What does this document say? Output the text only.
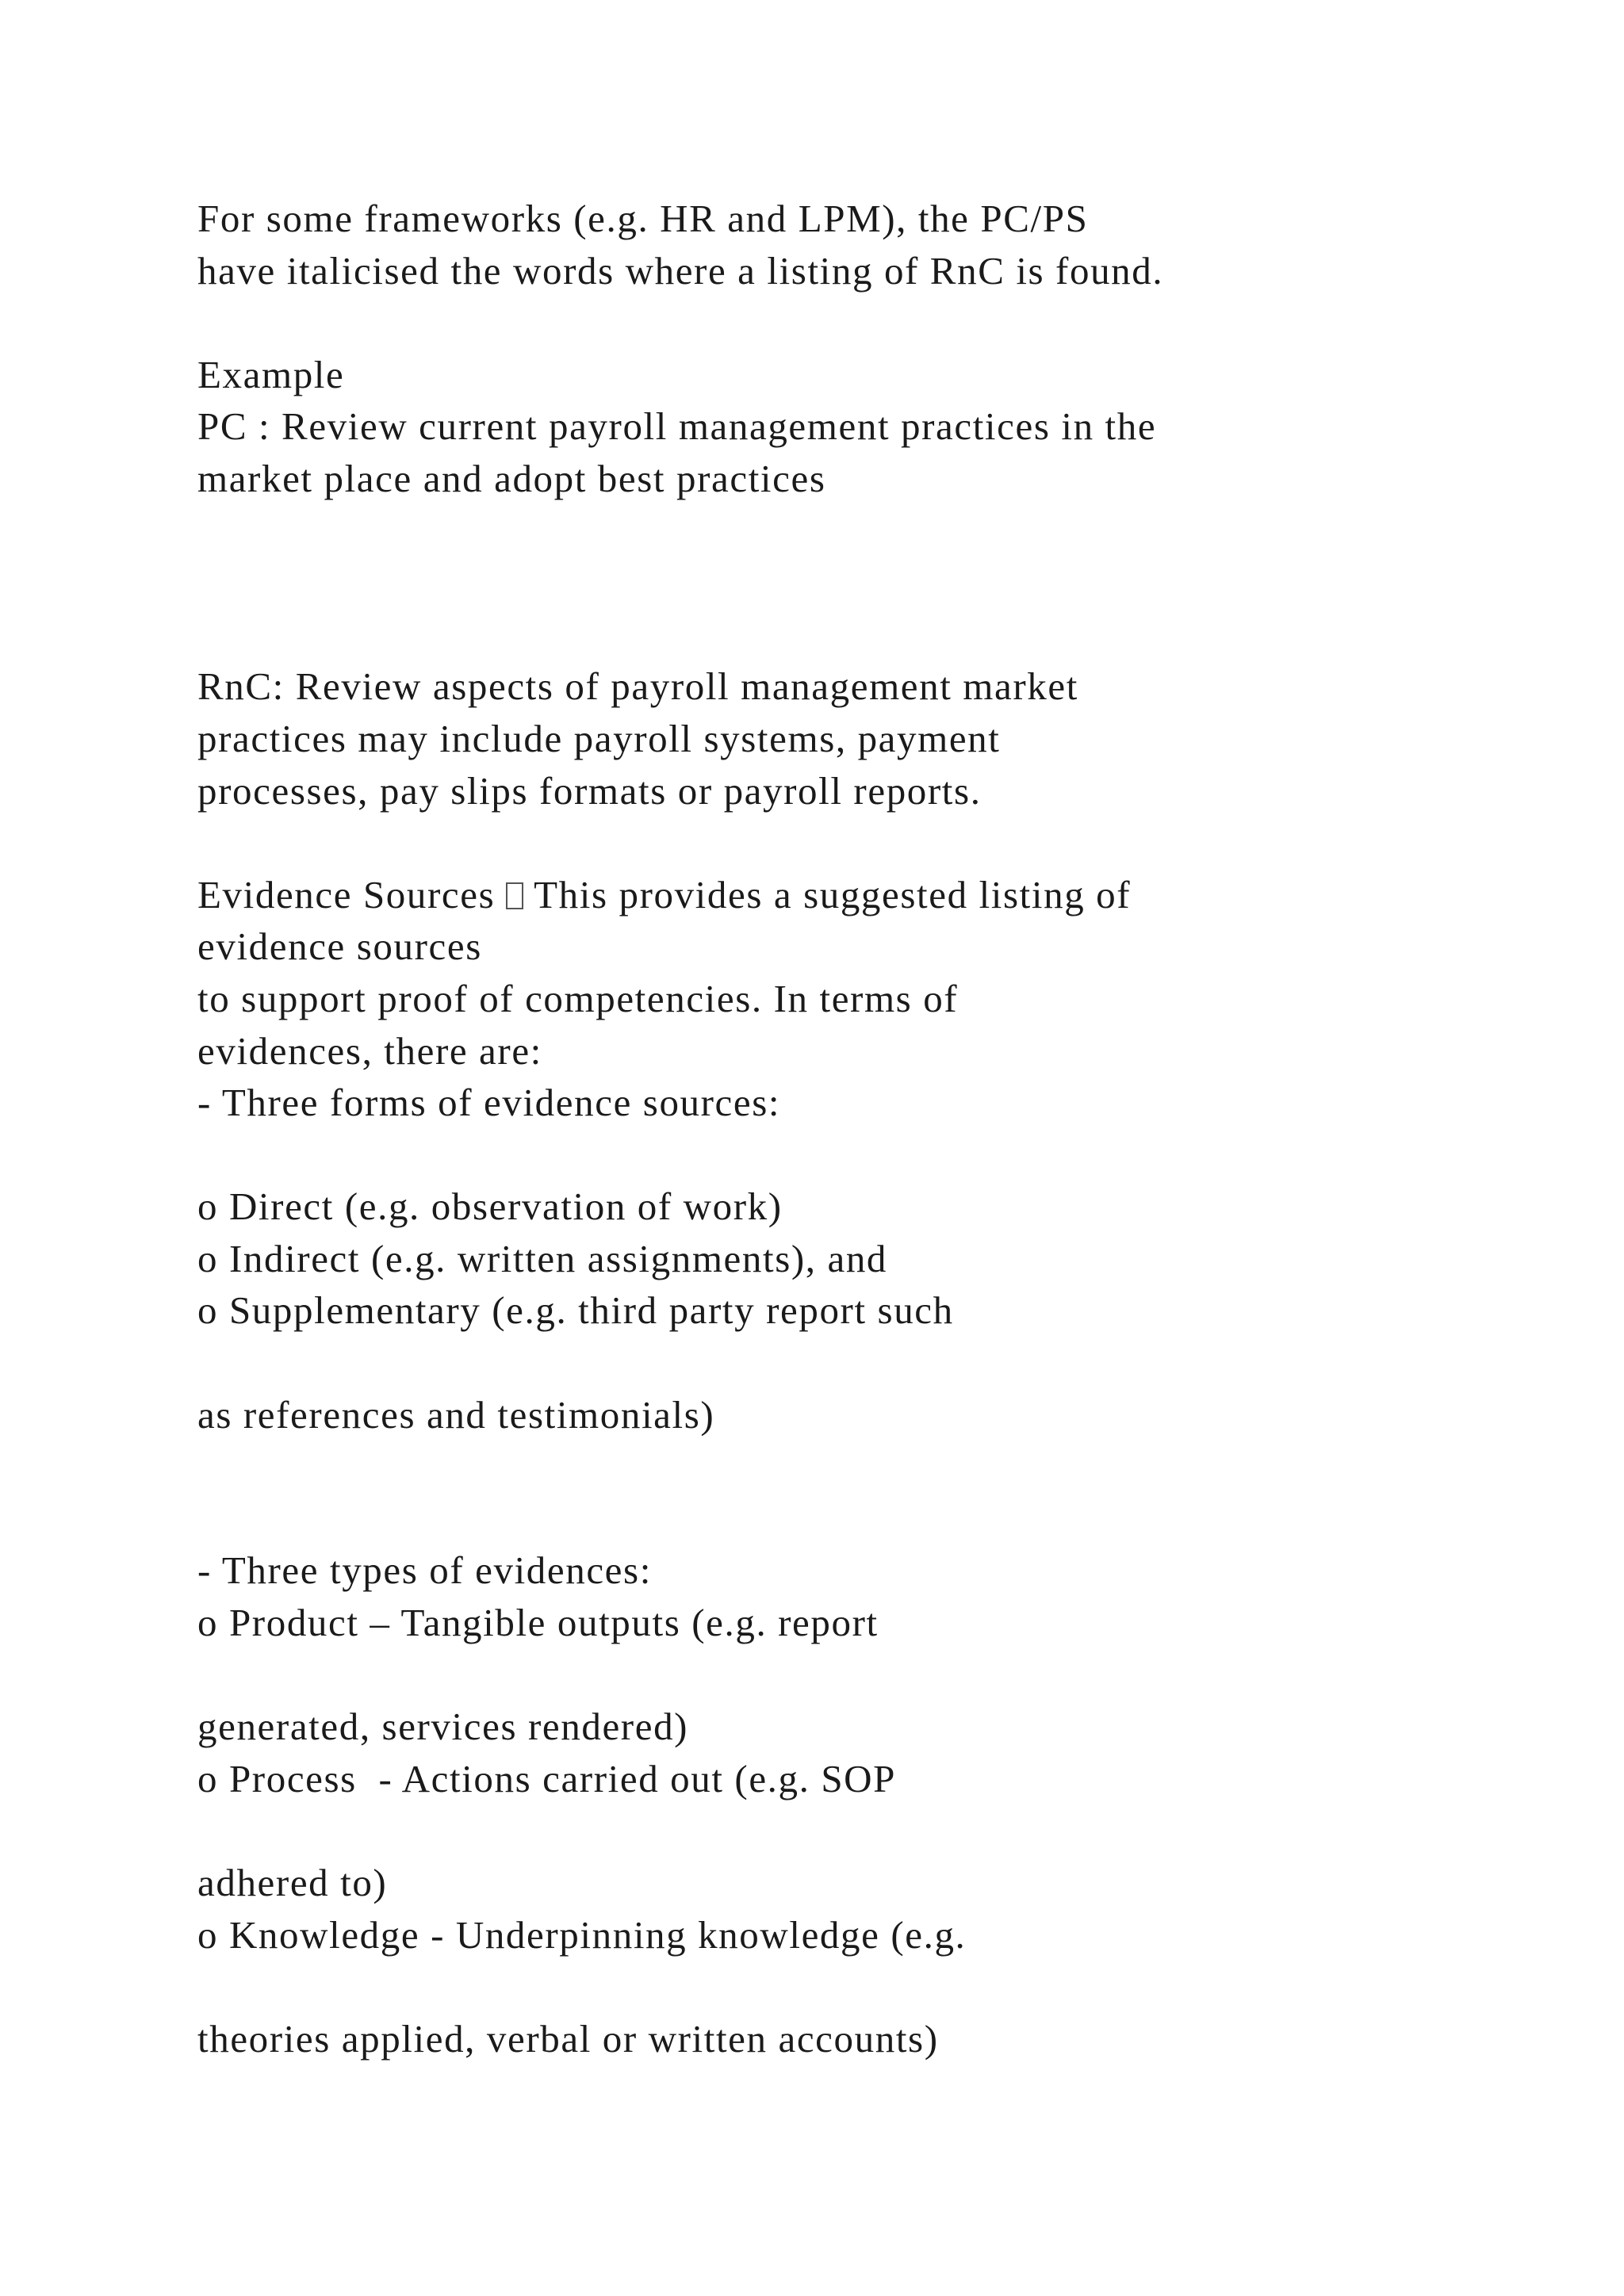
For some frameworks (e.g. HR and LPM), the PC/PS
have italicised the words where a listing of RnC is found.
Example
PC : Review current payroll management practices in the
market place and adopt best practices
RnC: Review aspects of payroll management market
practices may include payroll systems, payment
processes, pay slips formats or payroll reports.
Evidence Sources  This provides a suggested listing of
evidence sources
to support proof of competencies. In terms of
evidences, there are:
- Three forms of evidence sources:
o Direct (e.g. observation of work)
o Indirect (e.g. written assignments), and
o Supplementary (e.g. third party report such
as references and testimonials)
- Three types of evidences:
o Product – Tangible outputs (e.g. report
generated, services rendered)
o Process  - Actions carried out (e.g. SOP
adhered to)
o Knowledge - Underpinning knowledge (e.g.
theories applied, verbal or written accounts)
